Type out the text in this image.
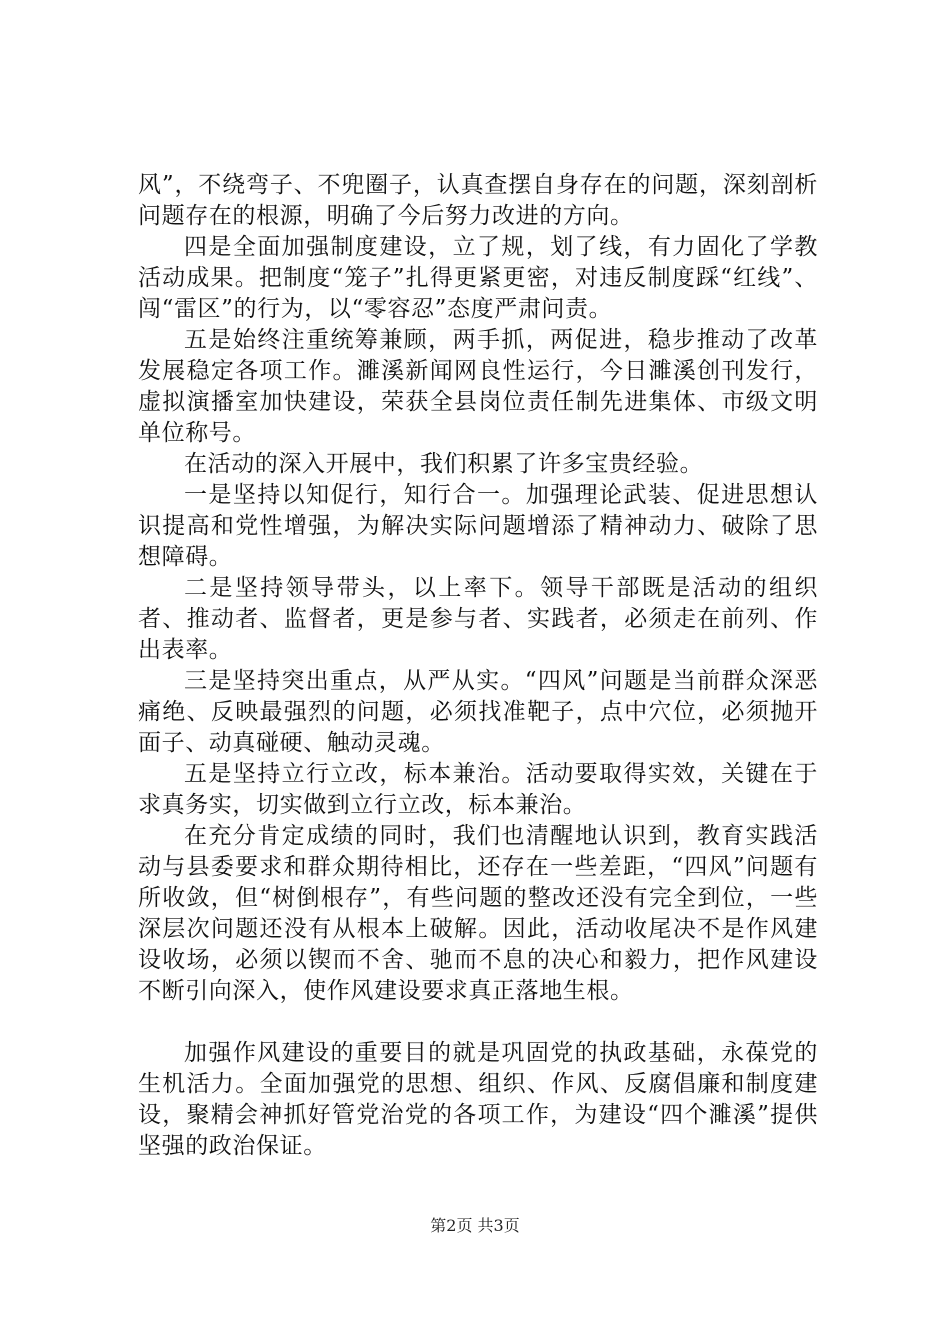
风”，不绕弯子、不兜圈子，认真查摆自身存在的问题，深刻剖析问题存在的根源，明确了今后努力改进的方向。

四是全面加强制度建设，立了规，划了线，有力固化了学教活动成果。把制度“笼子”扎得更紧更密，对违反制度踩“红线”、闯“雷区”的行为，以“零容忍”态度严肃问责。

五是始终注重统筹兼顾，两手抓，两促进，稳步推动了改革发展稳定各项工作。濉溪新闻网良性运行，今日濉溪创刊发行，虚拟演播室加快建设，荣获全县岗位责任制先进集体、市级文明单位称号。

在活动的深入开展中，我们积累了许多宝贵经验。

一是坚持以知促行，知行合一。加强理论武装、促进思想认识提高和党性增强，为解决实际问题增添了精神动力、破除了思想障碍。

二是坚持领导带头，以上率下。领导干部既是活动的组织者、推动者、监督者，更是参与者、实践者，必须走在前列、作出表率。

三是坚持突出重点，从严从实。“四风”问题是当前群众深恶痛绝、反映最强烈的问题，必须找准靶子，点中穴位，必须抛开面子、动真碰硬、触动灵魂。

五是坚持立行立改，标本兼治。活动要取得实效，关键在于求真务实，切实做到立行立改，标本兼治。

在充分肯定成绩的同时，我们也清醒地认识到，教育实践活动与县委要求和群众期待相比，还存在一些差距，“四风”问题有所收敛，但“树倒根存”，有些问题的整改还没有完全到位，一些深层次问题还没有从根本上破解。因此，活动收尾决不是作风建设收场，必须以锲而不舍、驰而不息的决心和毅力，把作风建设不断引向深入，使作风建设要求真正落地生根。

加强作风建设的重要目的就是巩固党的执政基础，永葆党的生机活力。全面加强党的思想、组织、作风、反腐倡廉和制度建设，聚精会神抓好管党治党的各项工作，为建设“四个濉溪”提供坚强的政治保证。

第2页 共3页
